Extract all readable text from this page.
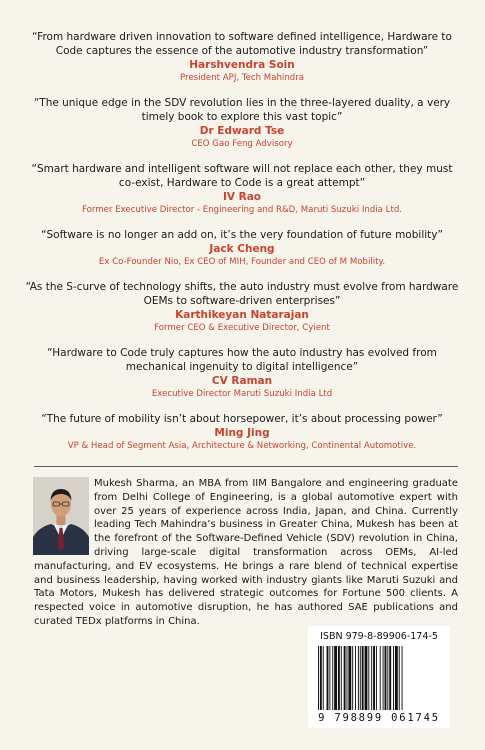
“From hardware driven innovation to software defined intelligence, Hardware to Code captures the essence of the automotive industry transformation”
Harshvendra Soin
President APJ, Tech Mahindra
“The unique edge in the SDV revolution lies in the three-layered duality, a very timely book to explore this vast topic”
Dr Edward Tse
CEO Gao Feng Advisory
“Smart hardware and intelligent software will not replace each other, they must co-exist, Hardware to Code is a great attempt”
IV Rao
Former Executive Director - Engineering and R&D, Maruti Suzuki India Ltd.
“Software is no longer an add on, it’s the very foundation of future mobility”
Jack Cheng
Ex Co-Founder Nio, Ex CEO of MIH, Founder and CEO of M Mobility.
“As the S-curve of technology shifts, the auto industry must evolve from hardware OEMs to software-driven enterprises”
Karthikeyan Natarajan
Former CEO & Executive Director, Cyient
“Hardware to Code truly captures how the auto industry has evolved from mechanical ingenuity to digital intelligence”
CV Raman
Executive Director Maruti Suzuki India Ltd
“The future of mobility isn’t about horsepower, it’s about processing power”
Ming Jing
VP & Head of Segment Asia, Architecture & Networking, Continental Automotive.
Mukesh Sharma, an MBA from IIM Bangalore and engineering graduate from Delhi College of Engineering, is a global automotive expert with over 25 years of experience across India, Japan, and China. Currently leading Tech Mahindra’s business in Greater China, Mukesh has been at the forefront of the Software-Defined Vehicle (SDV) revolution in China, driving large-scale digital transformation across OEMs, AI-led manufacturing, and EV ecosystems. He brings a rare blend of technical expertise and business leadership, having worked with industry giants like Maruti Suzuki and Tata Motors, Mukesh has delivered strategic outcomes for Fortune 500 clients. A respected voice in automotive disruption, he has authored SAE publications and curated TEDx platforms in China.
ISBN 979-8-89906-174-5
9 798899 061745
